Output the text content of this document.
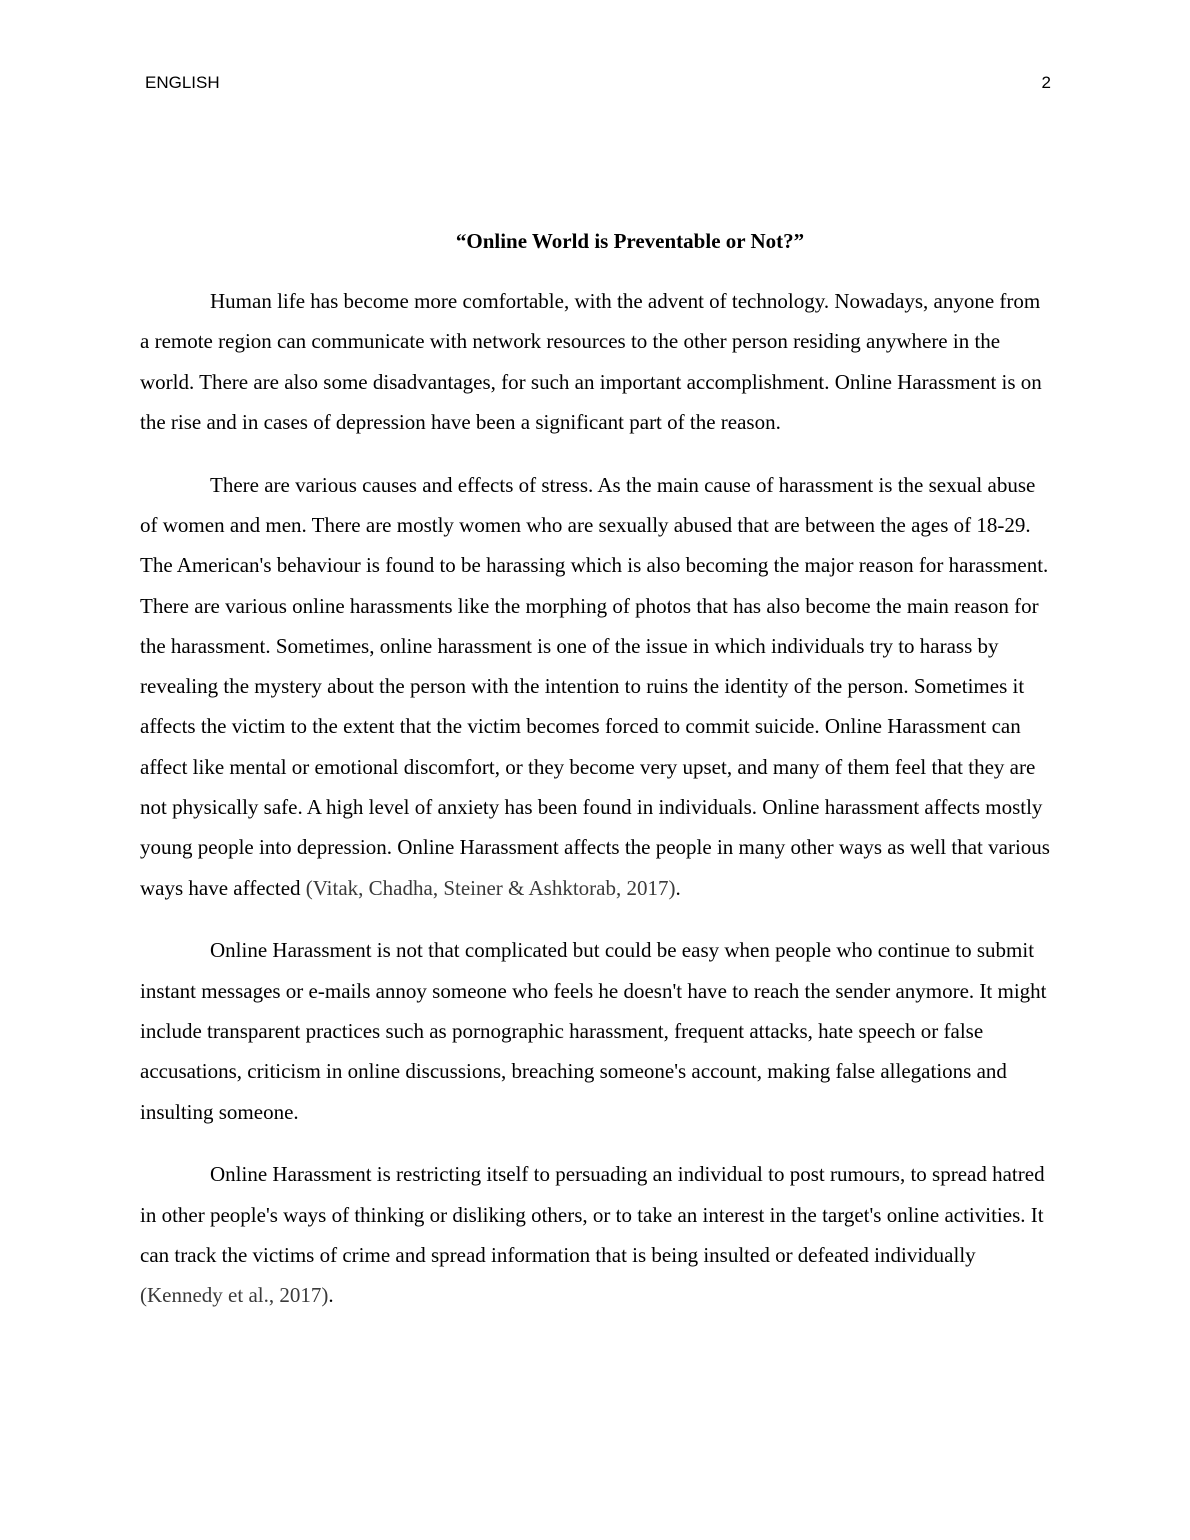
ENGLISH	2
“Online World is Preventable or Not?”

Human life has become more comfortable, with the advent of technology. Nowadays, anyone from a remote region can communicate with network resources to the other person residing anywhere in the world. There are also some disadvantages, for such an important accomplishment. Online Harassment is on the rise and in cases of depression have been a significant part of the reason.

There are various causes and effects of stress. As the main cause of harassment is the sexual abuse of women and men. There are mostly women who are sexually abused that are between the ages of 18-29. The American's behaviour is found to be harassing which is also becoming the major reason for harassment. There are various online harassments like the morphing of photos that has also become the main reason for the harassment. Sometimes, online harassment is one of the issue in which individuals try to harass by revealing the mystery about the person with the intention to ruins the identity of the person. Sometimes it affects the victim to the extent that the victim becomes forced to commit suicide. Online Harassment can affect like mental or emotional discomfort, or they become very upset, and many of them feel that they are not physically safe. A high level of anxiety has been found in individuals. Online harassment affects mostly young people into depression. Online Harassment affects the people in many other ways as well that various ways have affected (Vitak, Chadha, Steiner & Ashktorab, 2017).

Online Harassment is not that complicated but could be easy when people who continue to submit instant messages or e-mails annoy someone who feels he doesn't have to reach the sender anymore. It might include transparent practices such as pornographic harassment, frequent attacks, hate speech or false accusations, criticism in online discussions, breaching someone's account, making false allegations and insulting someone.

Online Harassment is restricting itself to persuading an individual to post rumours, to spread hatred in other people's ways of thinking or disliking others, or to take an interest in the target's online activities. It can track the victims of crime and spread information that is being insulted or defeated individually (Kennedy et al., 2017).
